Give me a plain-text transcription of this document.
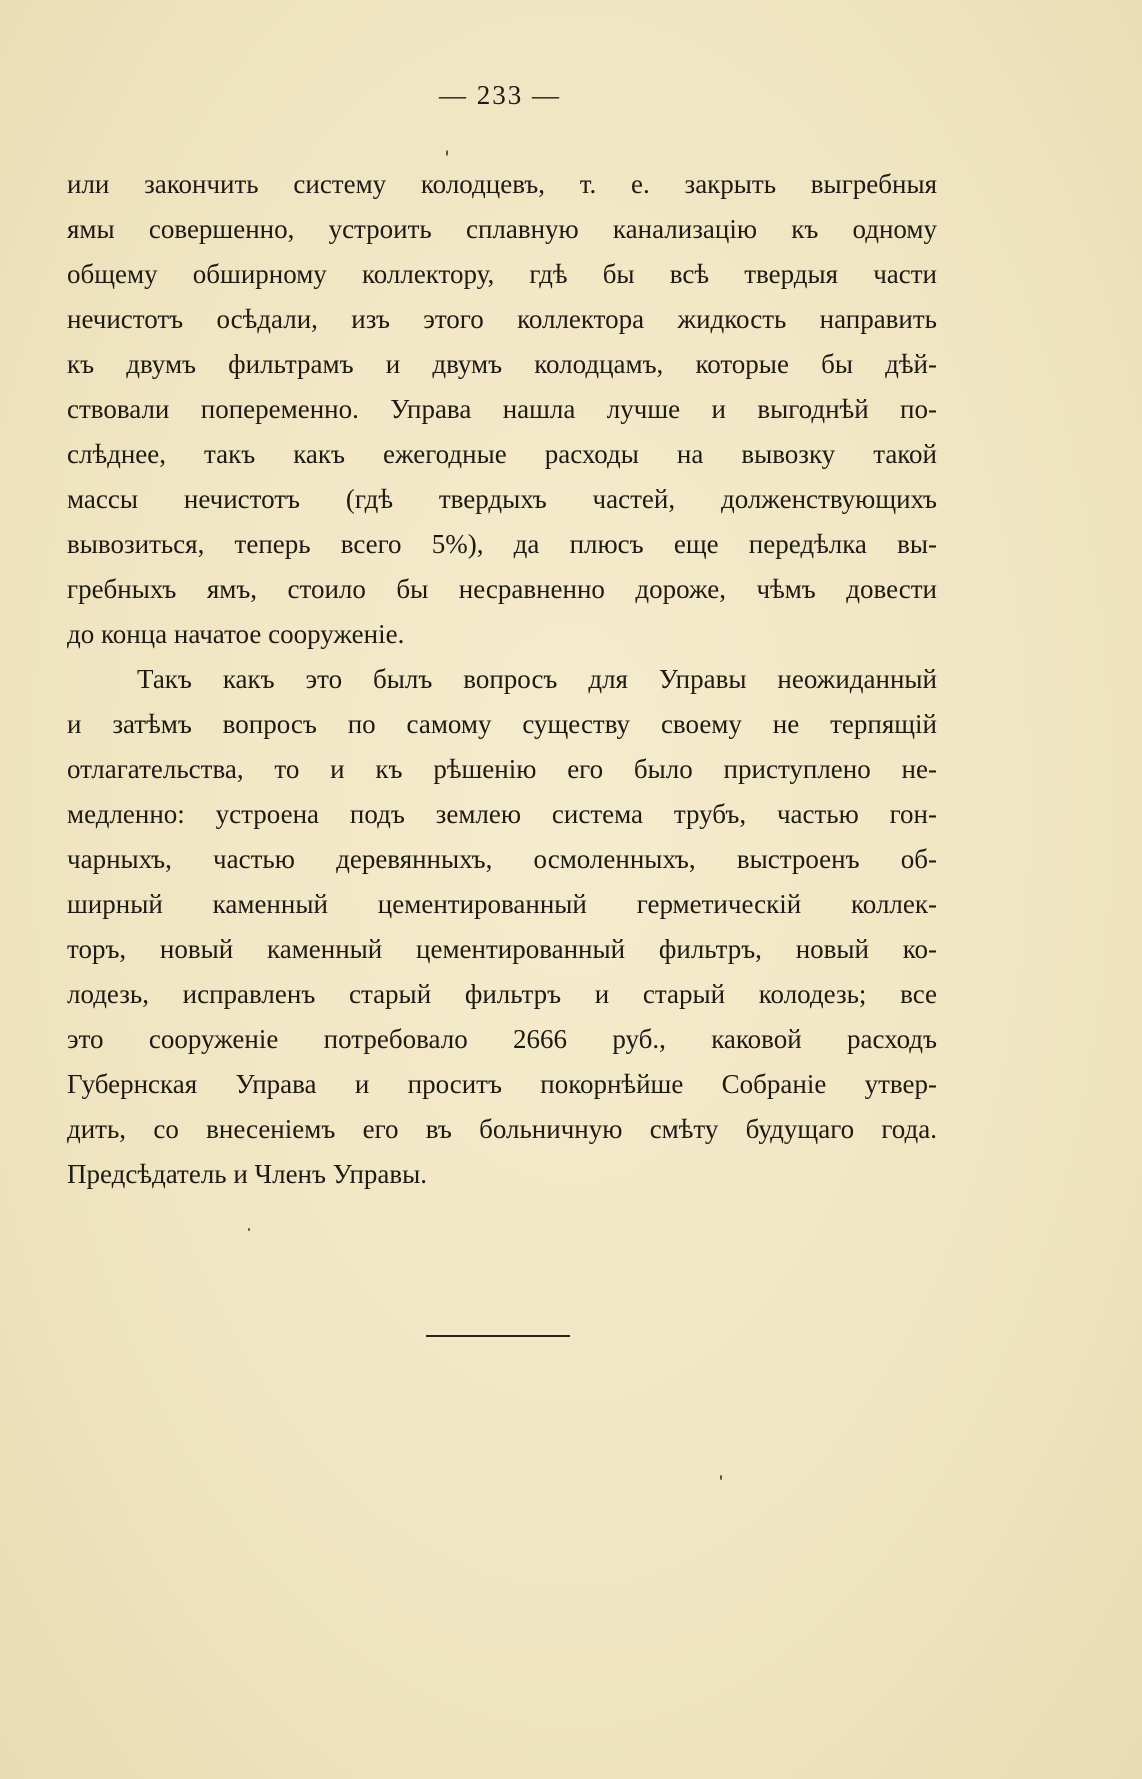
— 233 —
или закончить систему колодцевъ, т. е. закрыть выгребныя
ямы совершенно, устроить сплавную канализацію къ одному
общему обширному коллектору, гдѣ бы всѣ твердыя части
нечистотъ осѣдали, изъ этого коллектора жидкость направить
къ двумъ фильтрамъ и двумъ колодцамъ, которые бы дѣй-
ствовали попеременно. Управа нашла лучше и выгоднѣй по-
слѣднее, такъ какъ ежегодные расходы на вывозку такой
массы нечистотъ (гдѣ твердыхъ частей, долженствующихъ
вывозиться, теперь всего 5%), да плюсъ еще передѣлка вы-
гребныхъ ямъ, стоило бы несравненно дороже, чѣмъ довести
до конца начатое сооруженіе.
Такъ какъ это былъ вопросъ для Управы неожиданный
и затѣмъ вопросъ по самому существу своему не терпящій
отлагательства, то и къ рѣшенію его было приступлено не-
медленно: устроена подъ землею система трубъ, частью гон-
чарныхъ, частью деревянныхъ, осмоленныхъ, выстроенъ об-
ширный каменный цементированный герметическій коллек-
торъ, новый каменный цементированный фильтръ, новый ко-
лодезь, исправленъ старый фильтръ и старый колодезь; все
это сооруженіе потребовало 2666 руб., каковой расходъ
Губернская Управа и проситъ покорнѣйше Собраніе утвер-
дить, со внесеніемъ его въ больничную смѣту будущаго года.
Предсѣдатель и Членъ Управы.
